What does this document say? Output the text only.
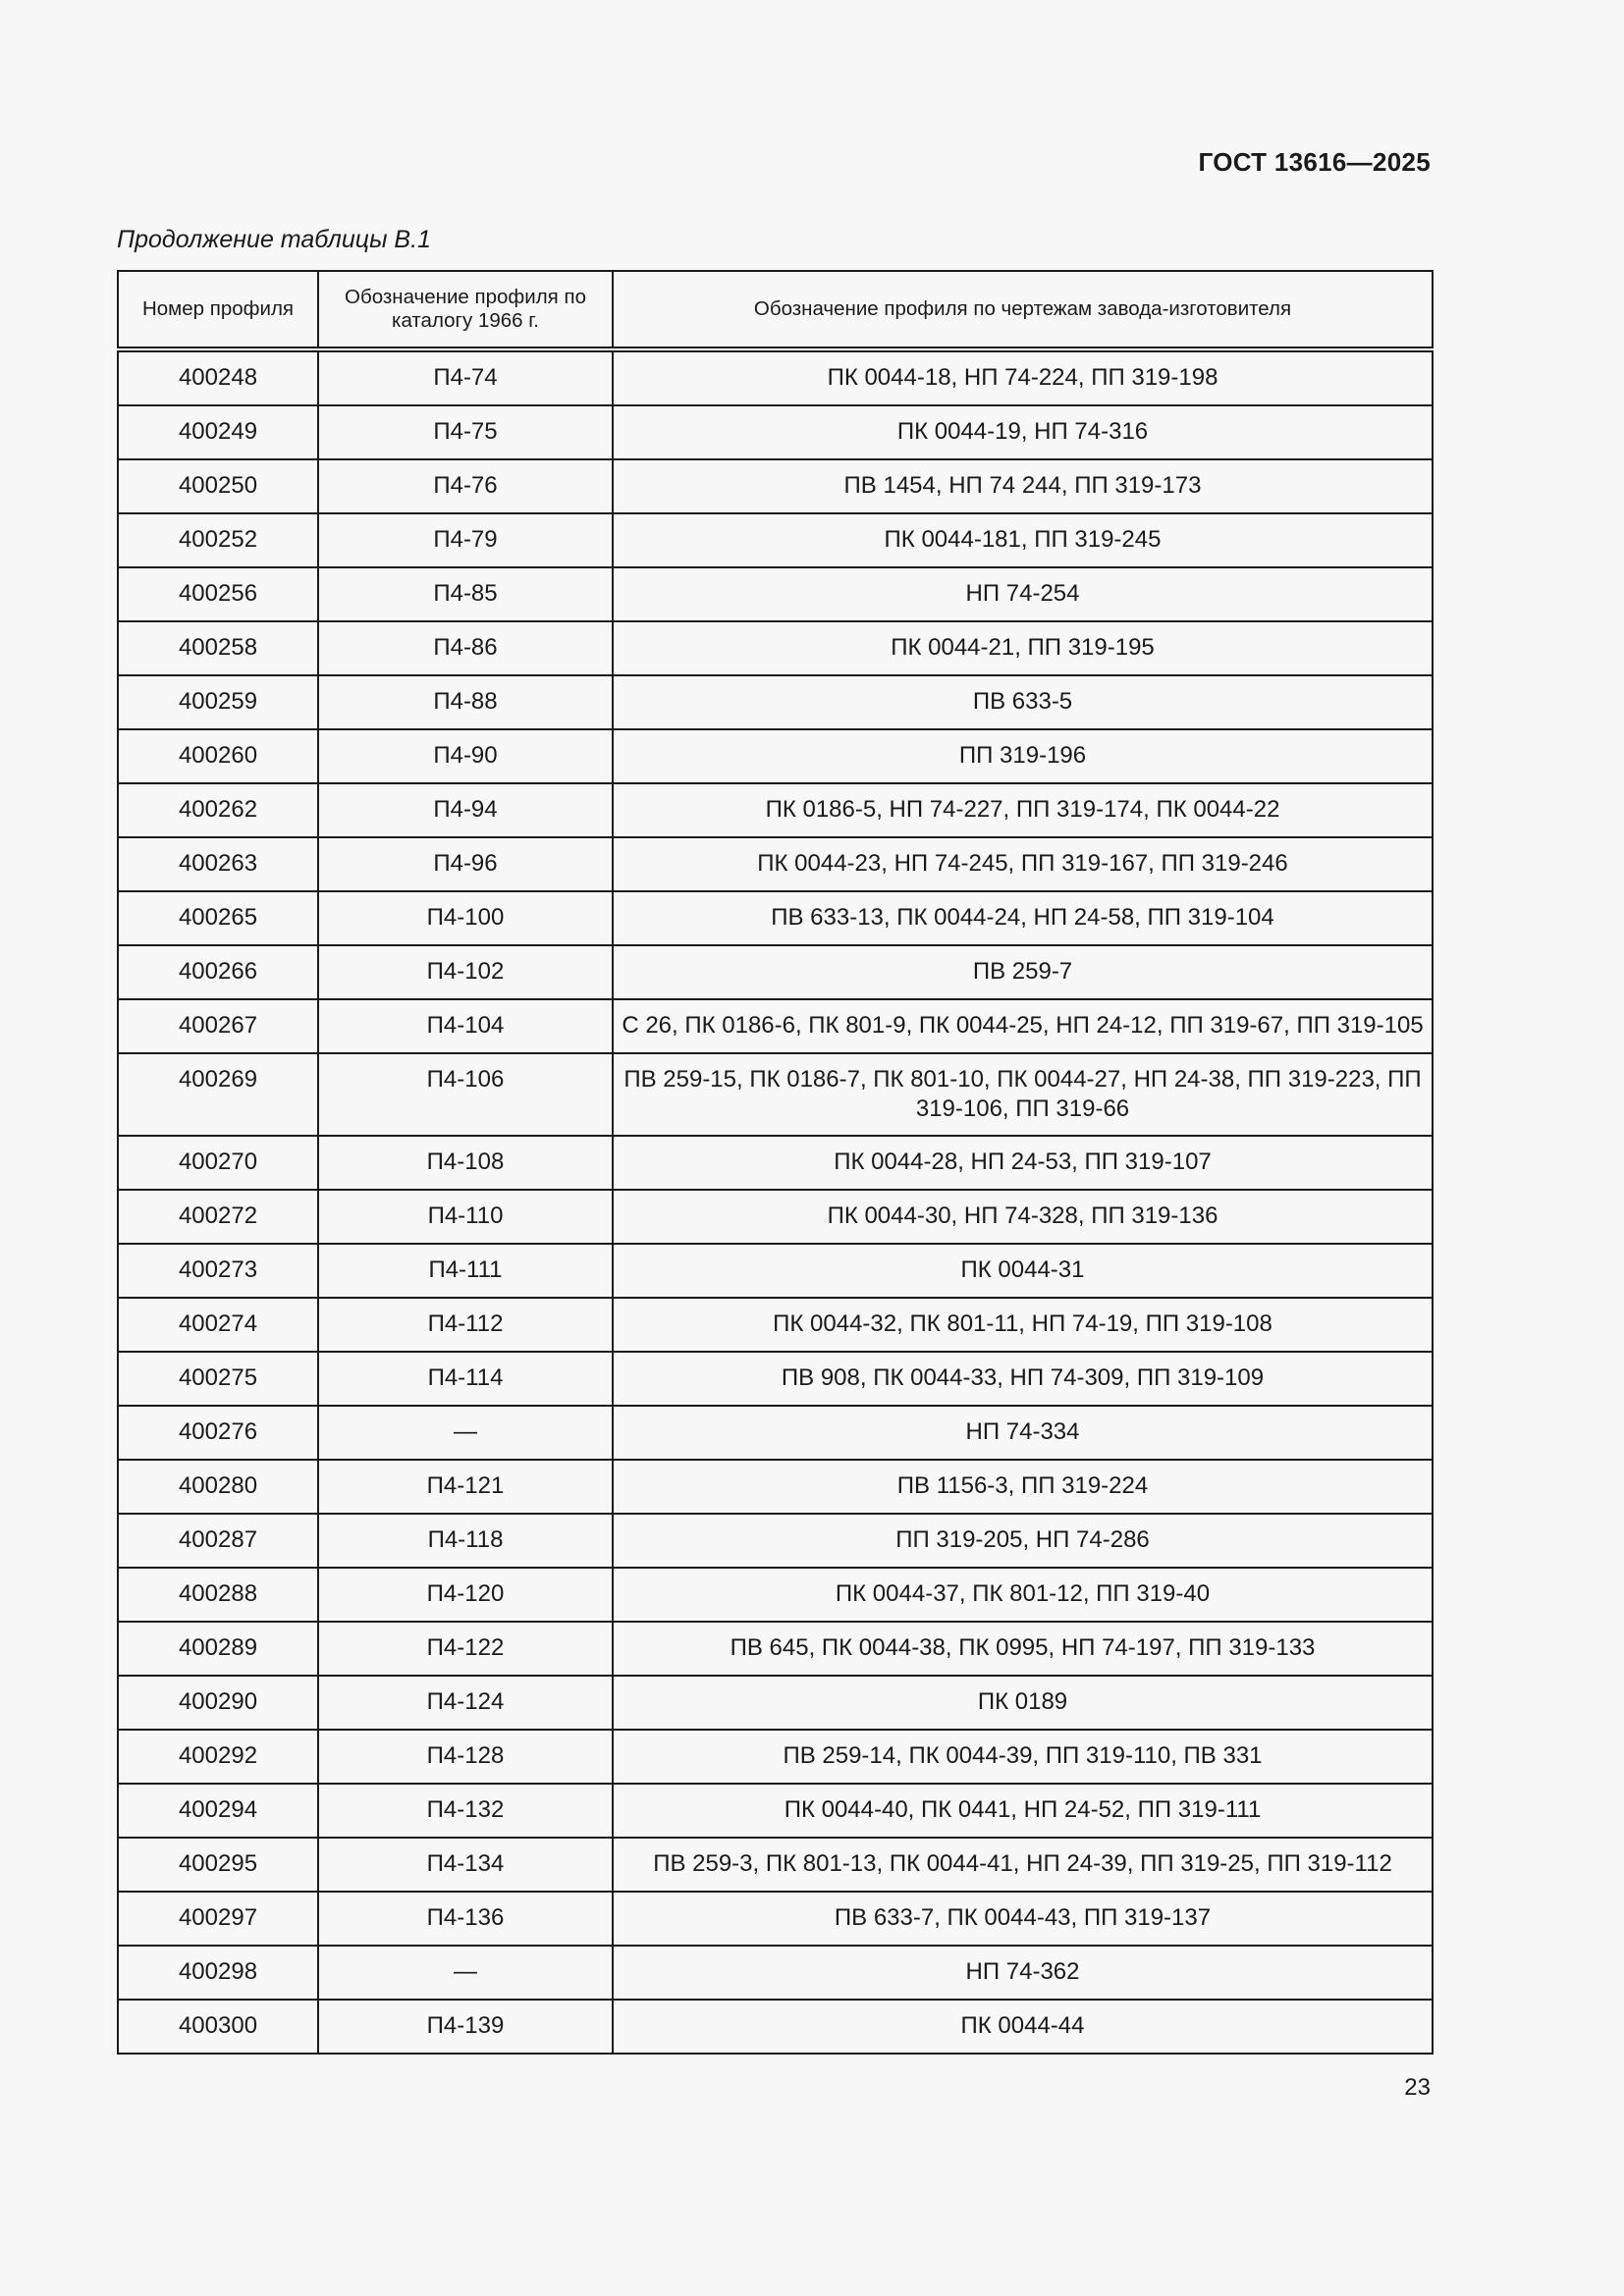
ГОСТ 13616—2025
Продолжение таблицы В.1
Номер профиля	Обозначение профиля по каталогу 1966 г.	Обозначение профиля по чертежам завода-изготовителя
400248	П4-74	ПК 0044-18, НП 74-224, ПП 319-198
400249	П4-75	ПК 0044-19, НП 74-316
400250	П4-76	ПВ 1454, НП 74 244, ПП 319-173
400252	П4-79	ПК 0044-181, ПП 319-245
400256	П4-85	НП 74-254
400258	П4-86	ПК 0044-21, ПП 319-195
400259	П4-88	ПВ 633-5
400260	П4-90	ПП 319-196
400262	П4-94	ПК 0186-5, НП 74-227, ПП 319-174, ПК 0044-22
400263	П4-96	ПК 0044-23, НП 74-245, ПП 319-167, ПП 319-246
400265	П4-100	ПВ 633-13, ПК 0044-24, НП 24-58, ПП 319-104
400266	П4-102	ПВ 259-7
400267	П4-104	С 26, ПК 0186-6, ПК 801-9, ПК 0044-25, НП 24-12, ПП 319-67, ПП 319-105
400269	П4-106	ПВ 259-15, ПК 0186-7, ПК 801-10, ПК 0044-27, НП 24-38, ПП 319-223, ПП 319-106, ПП 319-66
400270	П4-108	ПК 0044-28, НП 24-53, ПП 319-107
400272	П4-110	ПК 0044-30, НП 74-328, ПП 319-136
400273	П4-111	ПК 0044-31
400274	П4-112	ПК 0044-32, ПК 801-11, НП 74-19, ПП 319-108
400275	П4-114	ПВ 908, ПК 0044-33, НП 74-309, ПП 319-109
400276	—	НП 74-334
400280	П4-121	ПВ 1156-3, ПП 319-224
400287	П4-118	ПП 319-205, НП 74-286
400288	П4-120	ПК 0044-37, ПК 801-12, ПП 319-40
400289	П4-122	ПВ 645, ПК 0044-38, ПК 0995, НП 74-197, ПП 319-133
400290	П4-124	ПК 0189
400292	П4-128	ПВ 259-14, ПК 0044-39, ПП 319-110, ПВ 331
400294	П4-132	ПК 0044-40, ПК 0441, НП 24-52, ПП 319-111
400295	П4-134	ПВ 259-3, ПК 801-13, ПК 0044-41, НП 24-39, ПП 319-25, ПП 319-112
400297	П4-136	ПВ 633-7, ПК 0044-43, ПП 319-137
400298	—	НП 74-362
400300	П4-139	ПК 0044-44
23
